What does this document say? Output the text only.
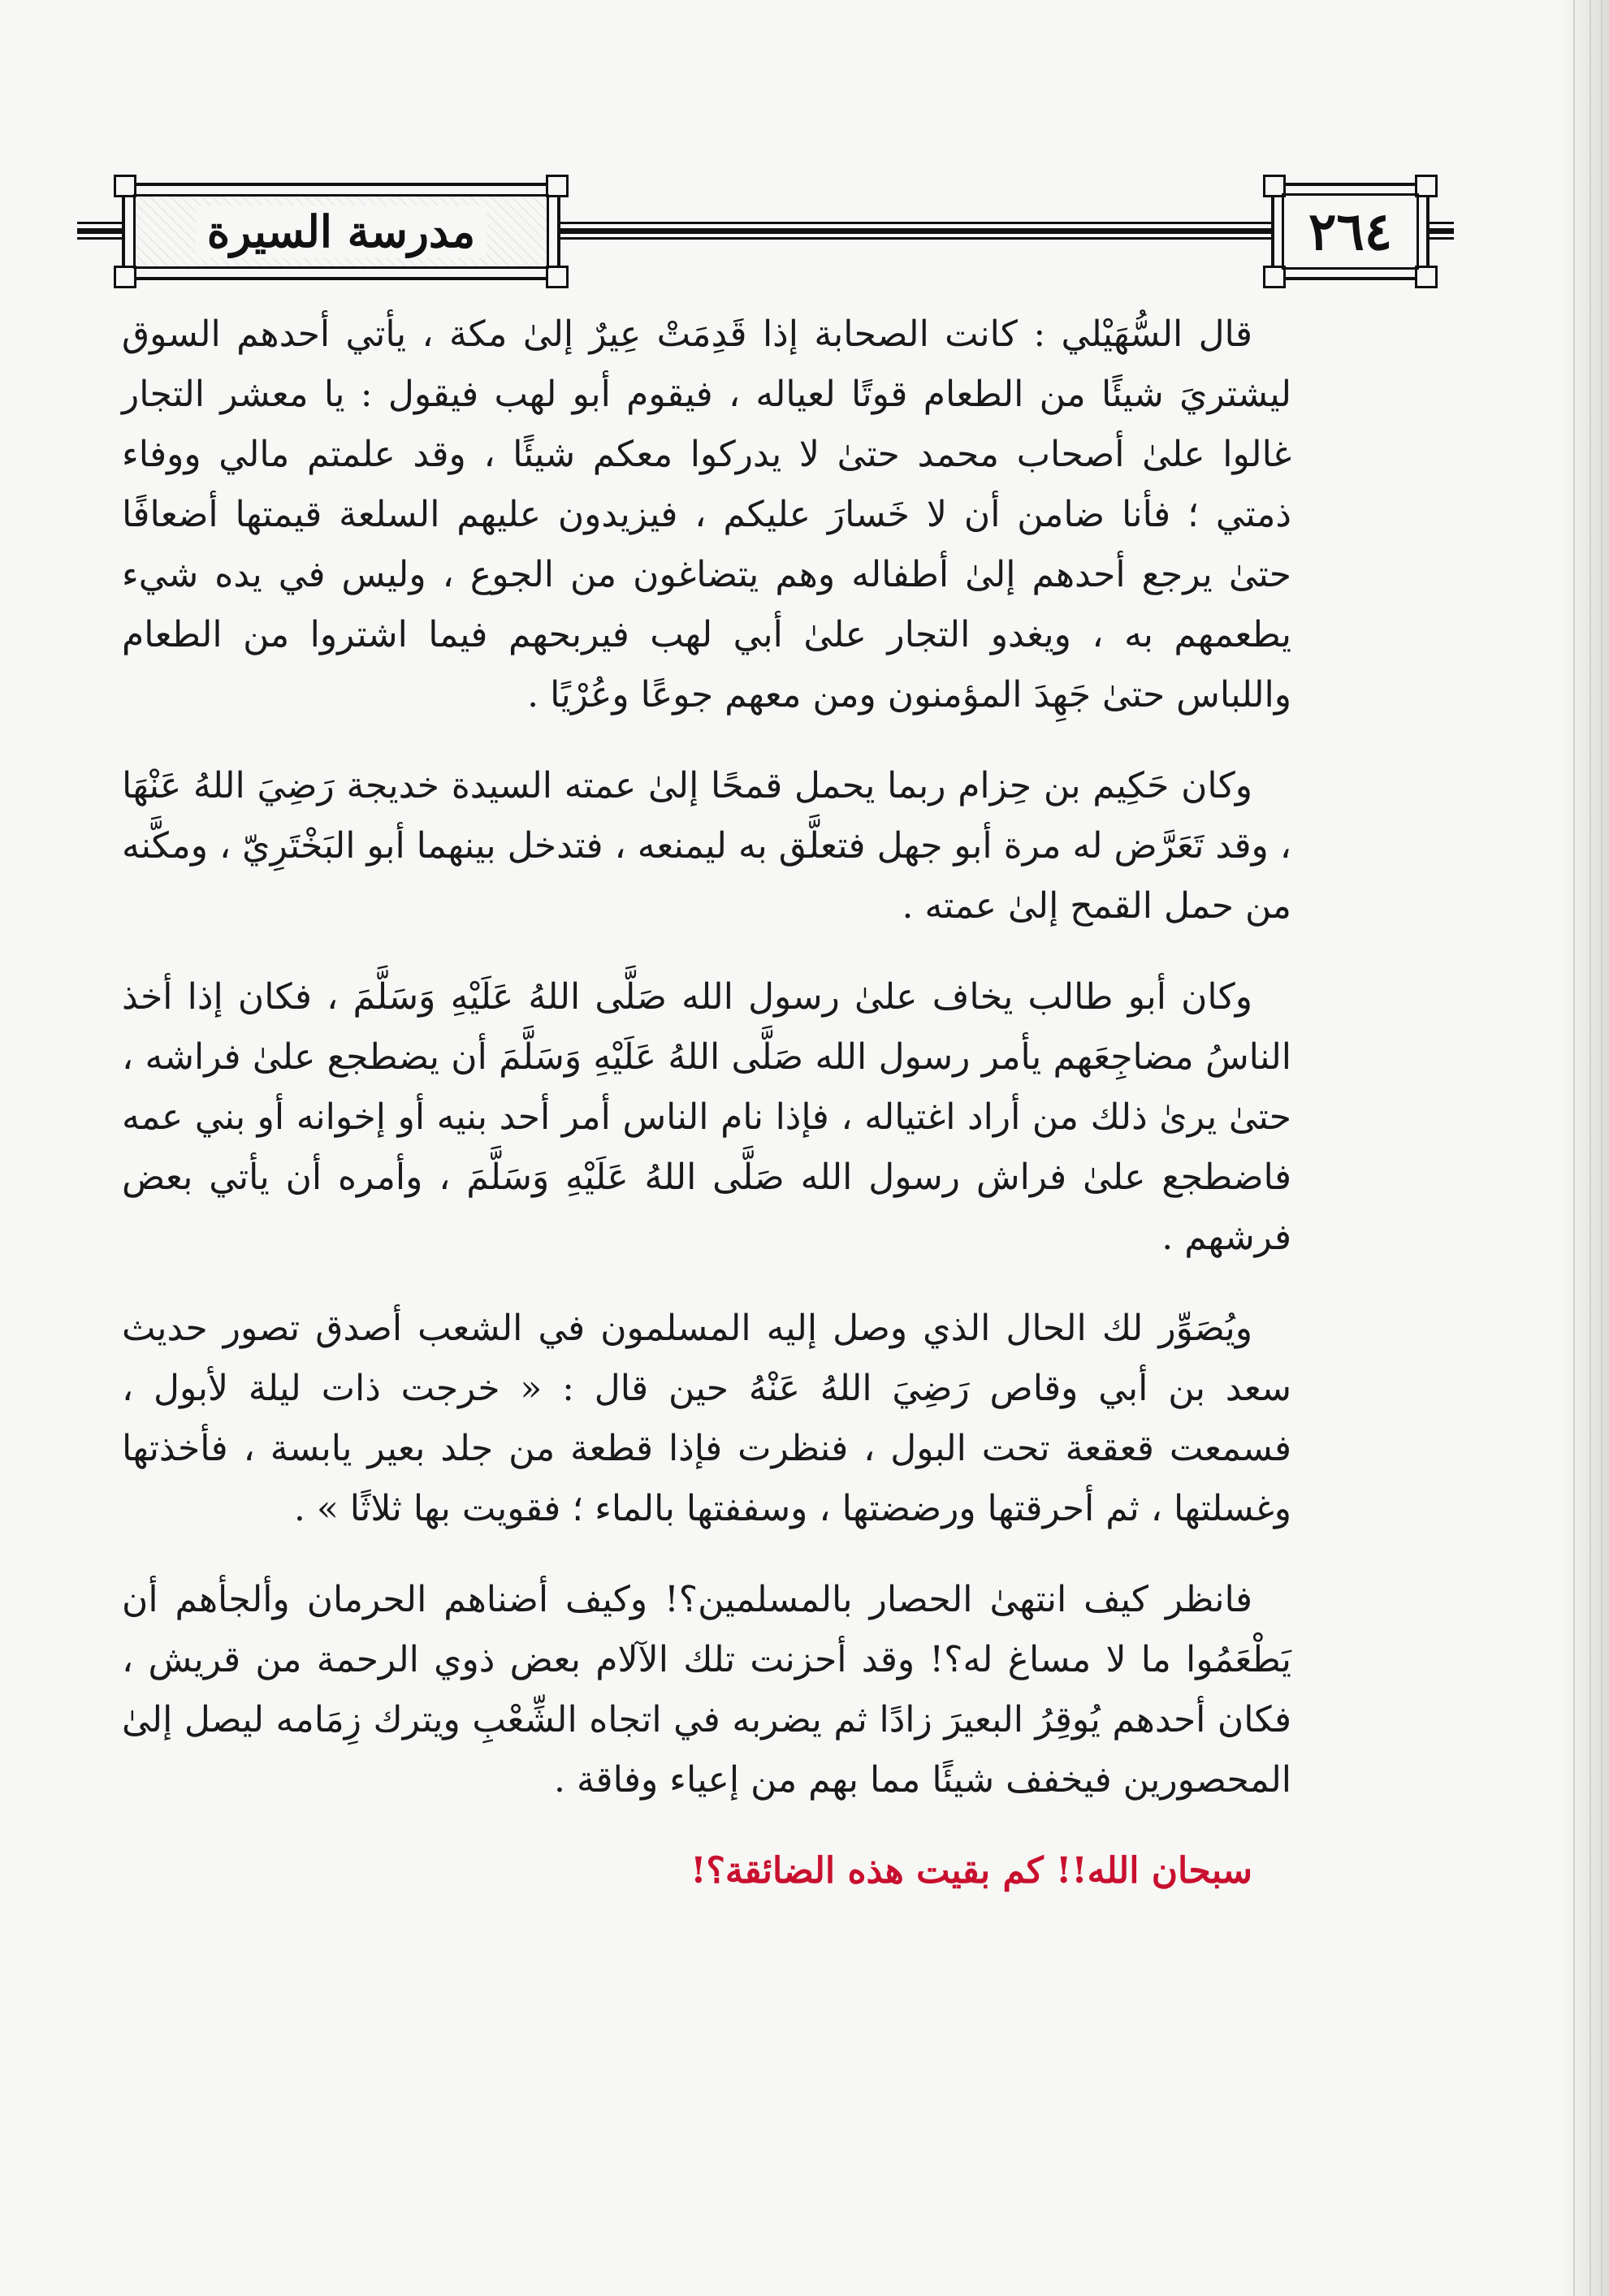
مدرسة السيرة	٢٦٤

قال السُّهَيْلي : كانت الصحابة إذا قَدِمَتْ عِيرٌ إلىٰ مكة ، يأتي أحدهم السوق ليشتريَ شيئًا من الطعام قوتًا لعياله ، فيقوم أبو لهب فيقول : يا معشر التجار غالوا علىٰ أصحاب محمد حتىٰ لا يدركوا معكم شيئًا ، وقد علمتم مالي ووفاء ذمتي ؛ فأنا ضامن أن لا خَسارَ عليكم ، فيزيدون عليهم السلعة قيمتها أضعافًا حتىٰ يرجع أحدهم إلىٰ أطفاله وهم يتضاغون من الجوع ، وليس في يده شيء يطعمهم به ، ويغدو التجار علىٰ أبي لهب فيربحهم فيما اشتروا من الطعام واللباس حتىٰ جَهِدَ المؤمنون ومن معهم جوعًا وعُرْيًا .

وكان حَكِيم بن حِزام ربما يحمل قمحًا إلىٰ عمته السيدة خديجة رَضِيَ اللهُ عَنْهَا ، وقد تَعَرَّض له مرة أبو جهل فتعلَّق به ليمنعه ، فتدخل بينهما أبو البَخْتَرِيّ ، ومكَّنه من حمل القمح إلىٰ عمته .

وكان أبو طالب يخاف علىٰ رسول الله صَلَّى اللهُ عَلَيْهِ وَسَلَّمَ ، فكان إذا أخذ الناسُ مضاجِعَهم يأمر رسول الله صَلَّى اللهُ عَلَيْهِ وَسَلَّمَ أن يضطجع علىٰ فراشه ، حتىٰ يرىٰ ذلك من أراد اغتياله ، فإذا نام الناس أمر أحد بنيه أو إخوانه أو بني عمه فاضطجع علىٰ فراش رسول الله صَلَّى اللهُ عَلَيْهِ وَسَلَّمَ ، وأمره أن يأتي بعض فرشهم .

ويُصَوِّر لك الحال الذي وصل إليه المسلمون في الشعب أصدق تصور حديث سعد بن أبي وقاص رَضِيَ اللهُ عَنْهُ حين قال : « خرجت ذات ليلة لأبول ، فسمعت قعقعة تحت البول ، فنظرت فإذا قطعة من جلد بعير يابسة ، فأخذتها وغسلتها ، ثم أحرقتها ورضضتها ، وسففتها بالماء ؛ فقويت بها ثلاثًا » .

فانظر كيف انتهىٰ الحصار بالمسلمين؟! وكيف أضناهم الحرمان وألجأهم أن يَطْعَمُوا ما لا مساغ له؟! وقد أحزنت تلك الآلام بعض ذوي الرحمة من قريش ، فكان أحدهم يُوقِرُ البعيرَ زادًا ثم يضربه في اتجاه الشِّعْبِ ويترك زِمَامه ليصل إلىٰ المحصورين فيخفف شيئًا مما بهم من إعياء وفاقة .

سبحان الله!! كم بقيت هذه الضائقة؟!
